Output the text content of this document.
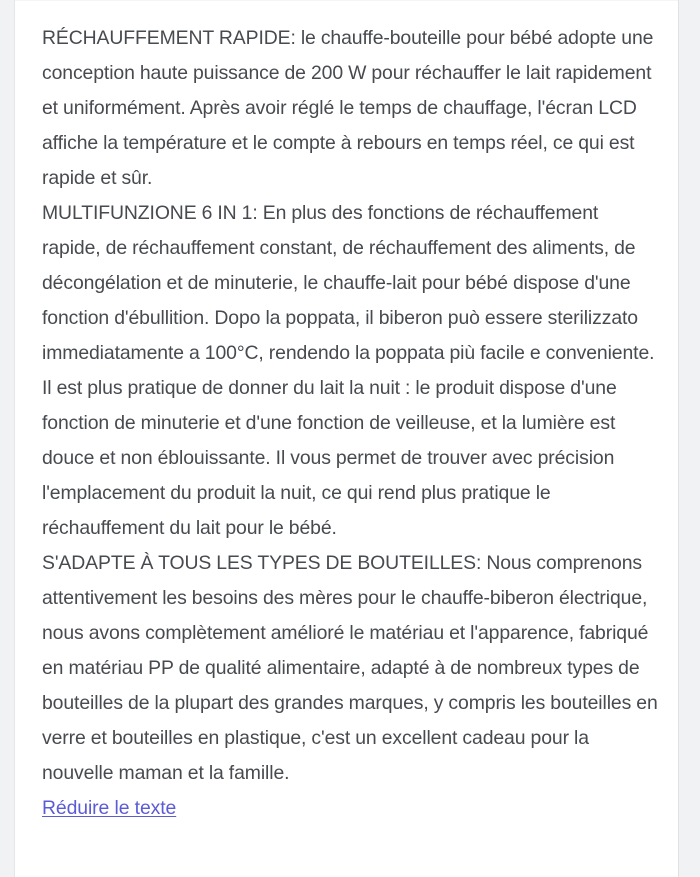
RÉCHAUFFEMENT RAPIDE: le chauffe-bouteille pour bébé adopte une conception haute puissance de 200 W pour réchauffer le lait rapidement et uniformément. Après avoir réglé le temps de chauffage, l'écran LCD affiche la température et le compte à rebours en temps réel, ce qui est rapide et sûr.

MULTIFUNZIONE 6 IN 1: En plus des fonctions de réchauffement rapide, de réchauffement constant, de réchauffement des aliments, de décongélation et de minuterie, le chauffe-lait pour bébé dispose d'une fonction d'ébullition. Dopo la poppata, il biberon può essere sterilizzato immediatamente a 100°C, rendendo la poppata più facile e conveniente. Il est plus pratique de donner du lait la nuit : le produit dispose d'une fonction de minuterie et d'une fonction de veilleuse, et la lumière est douce et non éblouissante. Il vous permet de trouver avec précision l'emplacement du produit la nuit, ce qui rend plus pratique le réchauffement du lait pour le bébé.

S'ADAPTE À TOUS LES TYPES DE BOUTEILLES: Nous comprenons attentivement les besoins des mères pour le chauffe-biberon électrique, nous avons complètement amélioré le matériau et l'apparence, fabriqué en matériau PP de qualité alimentaire, adapté à de nombreux types de bouteilles de la plupart des grandes marques, y compris les bouteilles en verre et bouteilles en plastique, c'est un excellent cadeau pour la nouvelle maman et la famille.

Réduire le texte
